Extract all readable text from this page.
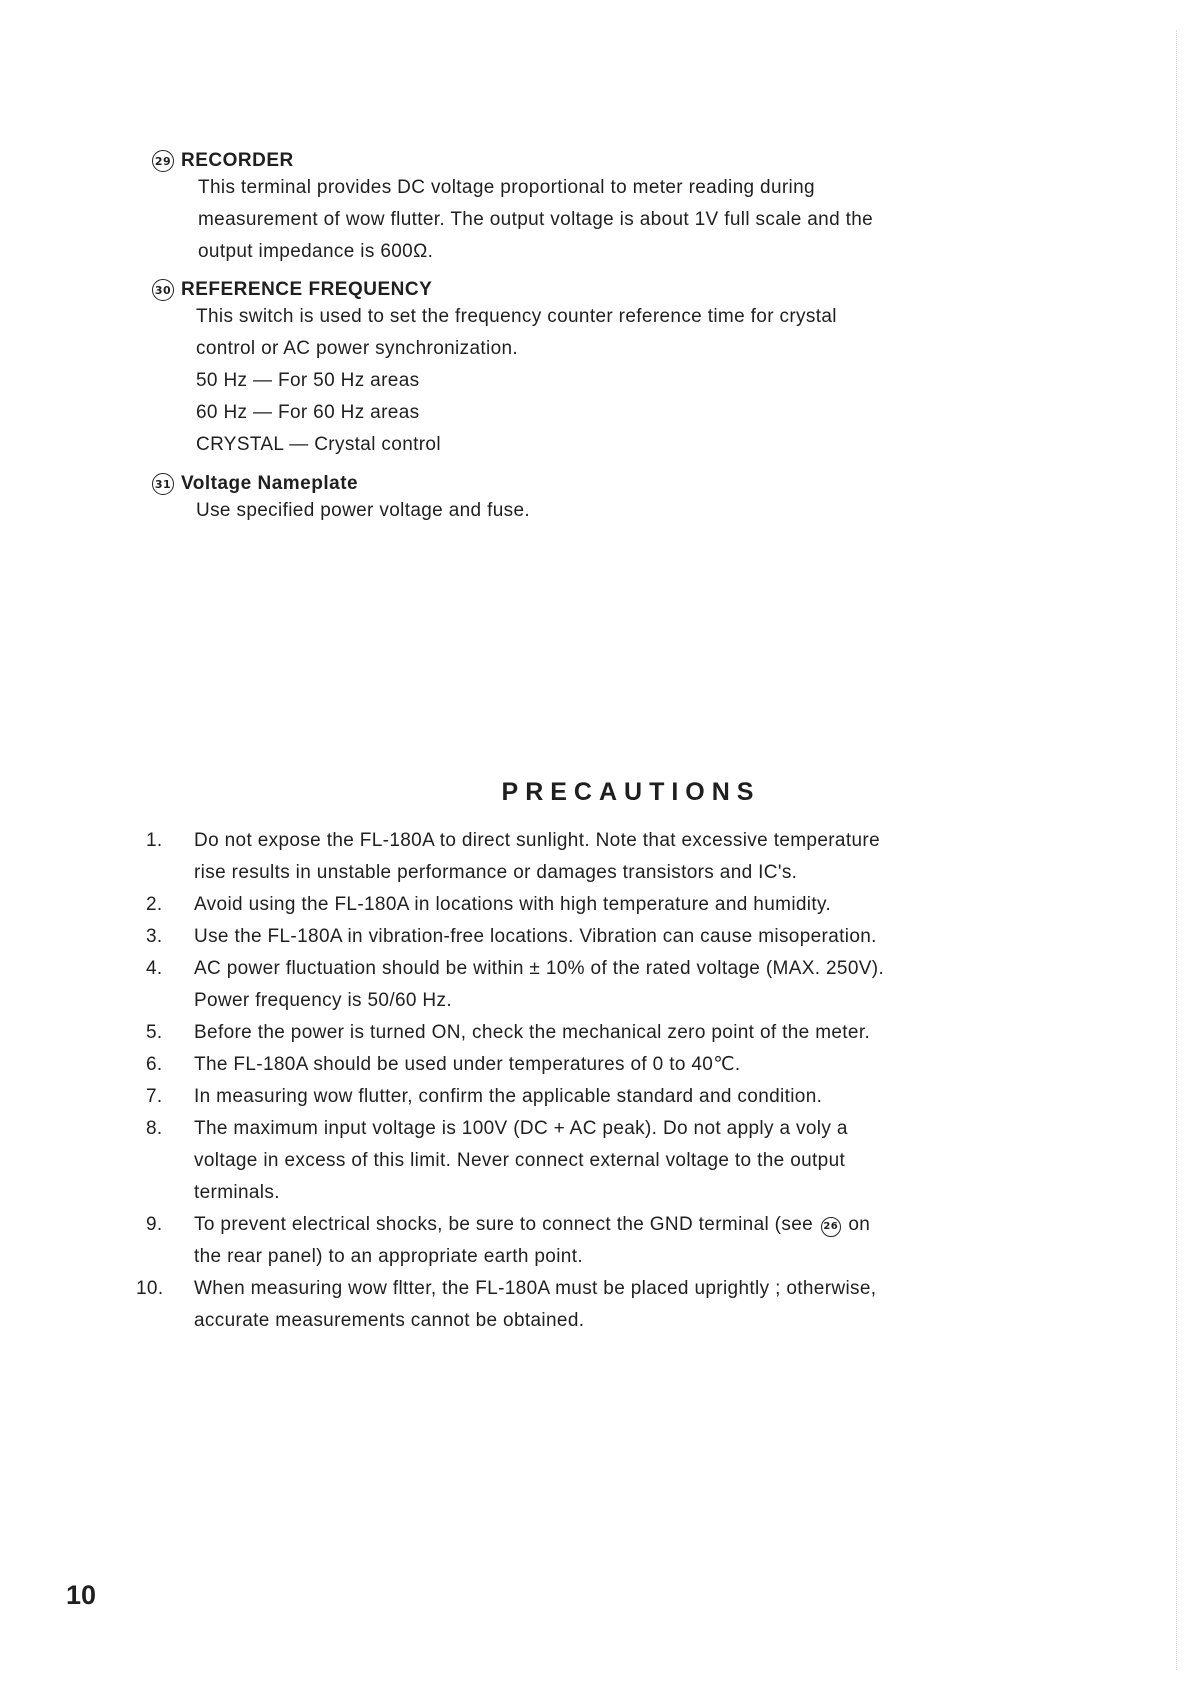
29 RECORDER
This terminal provides DC voltage proportional to meter reading during
measurement of wow flutter. The output voltage is about 1V full scale and the
output impedance is 600Ω.
30 REFERENCE FREQUENCY
This switch is used to set the frequency counter reference time for crystal
control or AC power synchronization.
50 Hz — For 50 Hz areas
60 Hz — For 60 Hz areas
CRYSTAL — Crystal control
31 Voltage Nameplate
Use specified power voltage and fuse.
PRECAUTIONS
1.	Do not expose the FL-180A to direct sunlight. Note that excessive temperature
rise results in unstable performance or damages transistors and IC's.
2.	Avoid using the FL-180A in locations with high temperature and humidity.
3.	Use the FL-180A in vibration-free locations. Vibration can cause misoperation.
4.	AC power fluctuation should be within ± 10% of the rated voltage (MAX. 250V).
Power frequency is 50/60 Hz.
5.	Before the power is turned ON, check the mechanical zero point of the meter.
6.	The FL-180A should be used under temperatures of 0 to 40℃.
7.	In measuring wow flutter, confirm the applicable standard and condition.
8.	The maximum input voltage is 100V (DC + AC peak). Do not apply a voly a
voltage in excess of this limit. Never connect external voltage to the output
terminals.
9.	To prevent electrical shocks, be sure to connect the GND terminal (see 26 on
the rear panel) to an appropriate earth point.
10.	When measuring wow fltter, the FL-180A must be placed uprightly ; otherwise,
accurate measurements cannot be obtained.
10
